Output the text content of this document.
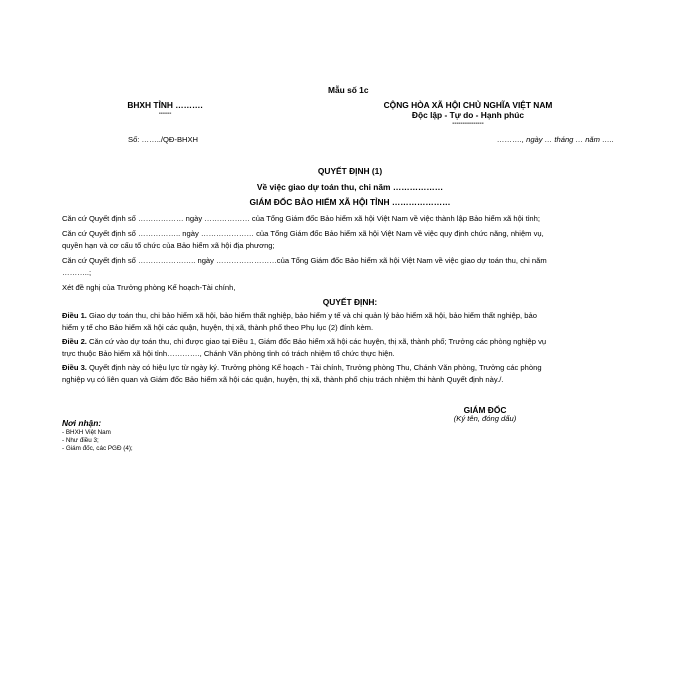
Mẫu số 1c
BHXH TỈNH ……….
------
CỘNG HÒA XÃ HỘI CHỦ NGHĨA VIỆT NAM
Độc lập - Tự do - Hạnh phúc
---------------
Số: ……../QĐ-BHXH	………., ngày … tháng … năm …..
QUYẾT ĐỊNH (1)
Về việc giao dự toán thu, chi năm ………………
GIÁM ĐỐC BẢO HIỂM XÃ HỘI TỈNH …………………
Căn cứ Quyết định số ……………… ngày ……………… của Tổng Giám đốc Bảo hiểm xã hội Việt Nam về việc thành lập Bảo hiểm xã hội tỉnh;
Căn cứ Quyết định số …………….. ngày ………………… của Tổng Giám đốc Bảo hiểm xã hội Việt Nam về việc quy định chức năng, nhiệm vụ,
quyền hạn và cơ cấu tổ chức của Bảo hiểm xã hội địa phương;
Căn cứ Quyết định số ………………….. ngày ……………………của Tổng Giám đốc Bảo hiểm xã hội Việt Nam về việc giao dự toán thu, chi năm
………..;
Xét đề nghị của Trưởng phòng Kế hoạch-Tài chính,
QUYẾT ĐỊNH:
Điều 1. Giao dự toán thu, chi bảo hiểm xã hội, bảo hiểm thất nghiệp, bảo hiểm y tế và chi quản lý bảo hiểm xã hội, bảo hiểm thất nghiệp, bảo
hiểm y tế cho Bảo hiểm xã hội các quận, huyện, thị xã, thành phố theo Phụ lục (2) đính kèm.
Điều 2. Căn cứ vào dự toán thu, chi được giao tại Điều 1, Giám đốc Bảo hiểm xã hội các huyện, thị xã, thành phố; Trưởng các phòng nghiệp vụ
trực thuộc Bảo hiểm xã hội tỉnh…………., Chánh Văn phòng tỉnh có trách nhiệm tổ chức thực hiện.
Điều 3. Quyết định này có hiệu lực từ ngày ký. Trưởng phòng Kế hoạch - Tài chính, Trưởng phòng Thu, Chánh Văn phòng, Trưởng các phòng
nghiệp vụ có liên quan và Giám đốc Bảo hiểm xã hội các quận, huyện, thị xã, thành phố chịu trách nhiệm thi hành Quyết định này./.
GIÁM ĐỐC
(Ký tên, đóng dấu)
Nơi nhận:
- BHXH Việt Nam
- Như điều 3;
- Giám đốc, các PGĐ (4);
